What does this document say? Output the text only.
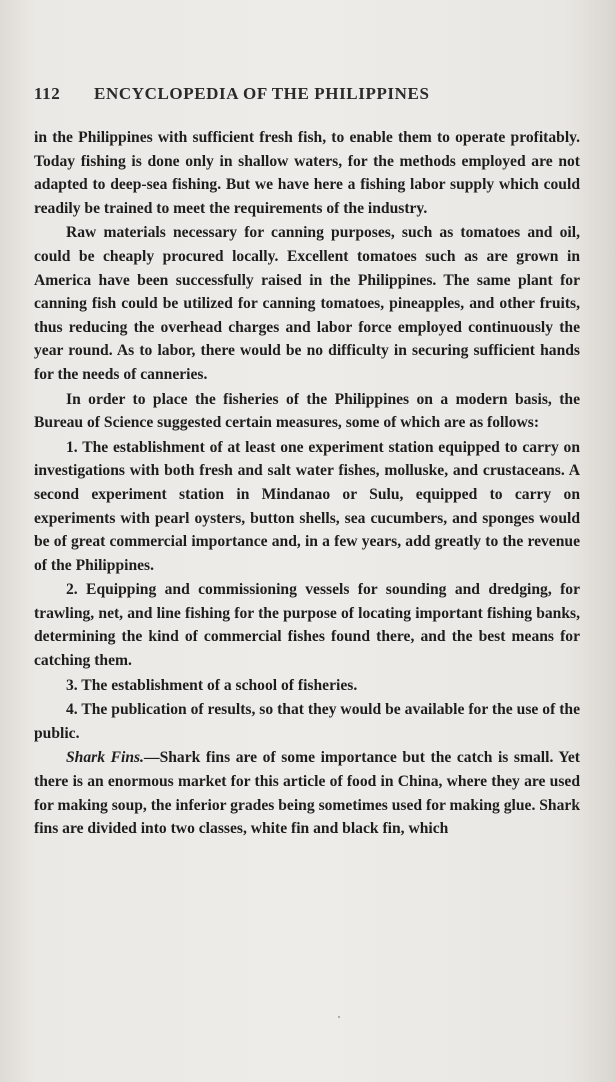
112 ENCYCLOPEDIA OF THE PHILIPPINES

in the Philippines with sufficient fresh fish, to enable them to operate profitably. Today fishing is done only in shallow waters, for the methods employed are not adapted to deep-sea fishing. But we have here a fishing labor supply which could readily be trained to meet the requirements of the industry.

Raw materials necessary for canning purposes, such as tomatoes and oil, could be cheaply procured locally. Excellent tomatoes such as are grown in America have been successfully raised in the Philippines. The same plant for canning fish could be utilized for canning tomatoes, pineapples, and other fruits, thus reducing the overhead charges and labor force employed continuously the year round. As to labor, there would be no difficulty in securing sufficient hands for the needs of canneries.

In order to place the fisheries of the Philippines on a modern basis, the Bureau of Science suggested certain measures, some of which are as follows:

1. The establishment of at least one experiment station equipped to carry on investigations with both fresh and salt water fishes, molluske, and crustaceans. A second experiment station in Mindanao or Sulu, equipped to carry on experiments with pearl oysters, button shells, sea cucumbers, and sponges would be of great commercial importance and, in a few years, add greatly to the revenue of the Philippines.

2. Equipping and commissioning vessels for sounding and dredging, for trawling, net, and line fishing for the purpose of locating important fishing banks, determining the kind of commercial fishes found there, and the best means for catching them.

3. The establishment of a school of fisheries.

4. The publication of results, so that they would be available for the use of the public.

Shark Fins.—Shark fins are of some importance but the catch is small. Yet there is an enormous market for this article of food in China, where they are used for making soup, the inferior grades being sometimes used for making glue. Shark fins are divided into two classes, white fin and black fin, which
